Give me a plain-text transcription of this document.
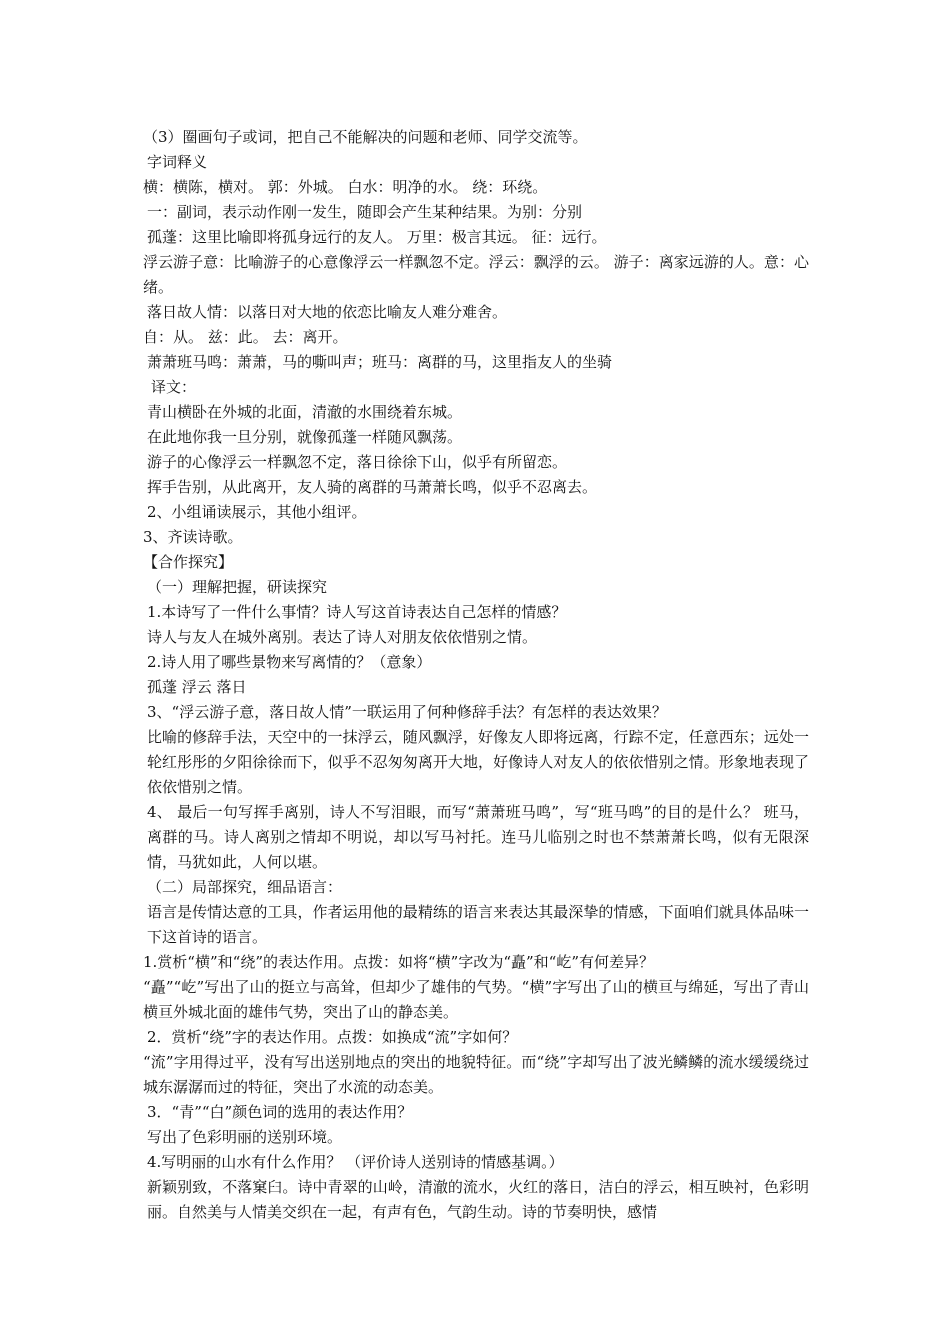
（3）圈画句子或词，把自己不能解决的问题和老师、同学交流等。

字词释义

横：横陈，横对。 郭：外城。 白水：明净的水。 绕：环绕。

一：副词，表示动作刚一发生，随即会产生某种结果。为别：分别

孤蓬：这里比喻即将孤身远行的友人。 万里：极言其远。 征：远行。

浮云游子意：比喻游子的心意像浮云一样飘忽不定。浮云：飘浮的云。 游子：离家远游的人。意：心绪。

落日故人情：以落日对大地的依恋比喻友人难分难舍。

自：从。 兹：此。 去：离开。

萧萧班马鸣：萧萧，马的嘶叫声；班马：离群的马，这里指友人的坐骑

译文：

青山横卧在外城的北面，清澈的水围绕着东城。

在此地你我一旦分别，就像孤蓬一样随风飘荡。

游子的心像浮云一样飘忽不定，落日徐徐下山，似乎有所留恋。

挥手告别，从此离开，友人骑的离群的马萧萧长鸣，似乎不忍离去。

2、小组诵读展示，其他小组评。

3、齐读诗歌。

【合作探究】

（一）理解把握，研读探究

1.本诗写了一件什么事情？诗人写这首诗表达自己怎样的情感？

诗人与友人在城外离别。表达了诗人对朋友依依惜别之情。

2.诗人用了哪些景物来写离情的？（意象）

孤蓬 浮云 落日

3、“浮云游子意，落日故人情”一联运用了何种修辞手法？有怎样的表达效果？

比喻的修辞手法，天空中的一抹浮云，随风飘浮，好像友人即将远离，行踪不定，任意西东；远处一轮红彤彤的夕阳徐徐而下，似乎不忍匆匆离开大地，好像诗人对友人的依依惜别之情。形象地表现了依依惜别之情。

4、 最后一句写挥手离别，诗人不写泪眼，而写“萧萧班马鸣”，写“班马鸣”的目的是什么？ 班马，离群的马。诗人离别之情却不明说，却以写马衬托。连马儿临别之时也不禁萧萧长鸣，似有无限深情，马犹如此，人何以堪。

（二）局部探究，细品语言：

语言是传情达意的工具，作者运用他的最精练的语言来表达其最深挚的情感，下面咱们就具体品味一下这首诗的语言。

1.赏析“横”和“绕”的表达作用。点拨：如将“横”字改为“矗”和“屹”有何差异？

“矗”“屹”写出了山的挺立与高耸，但却少了雄伟的气势。“横”字写出了山的横亘与绵延，写出了青山横亘外城北面的雄伟气势，突出了山的静态美。

2．赏析“绕”字的表达作用。点拨：如换成“流”字如何？

“流”字用得过平，没有写出送别地点的突出的地貌特征。而“绕”字却写出了波光鳞鳞的流水缓缓绕过城东潺潺而过的特征，突出了水流的动态美。

3．“青”“白”颜色词的选用的表达作用？

写出了色彩明丽的送别环境。

4.写明丽的山水有什么作用？ （评价诗人送别诗的情感基调。）

新颖别致，不落窠臼。诗中青翠的山岭，清澈的流水，火红的落日，洁白的浮云，相互映衬，色彩明丽。自然美与人情美交织在一起，有声有色，气韵生动。诗的节奏明快，感情
